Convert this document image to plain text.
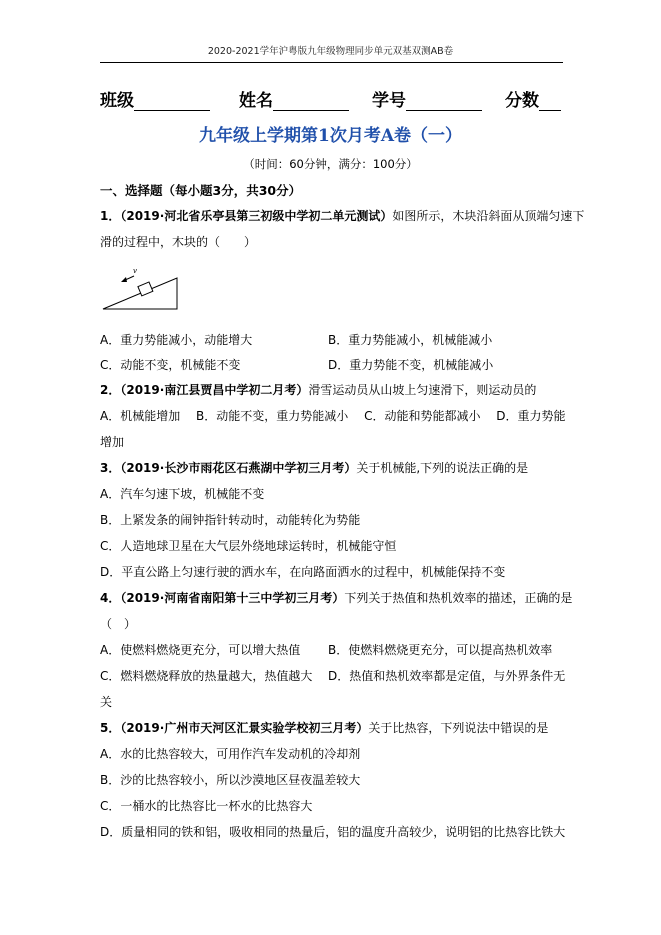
2020-2021学年沪粤版九年级物理同步单元双基双测AB卷
班级	姓名	学号	分数
九年级上学期第1次月考A卷（一）
（时间：60分钟，满分：100分）
一、选择题（每小题3分，共30分）
1．（2019·河北省乐亭县第三初级中学初二单元测试）如图所示，木块沿斜面从顶端匀速下
滑的过程中，木块的（　　）
v
A．重力势能减小，动能增大	B．重力势能减小，机械能减小
C．动能不变，机械能不变	D．重力势能不变，机械能减小
2．（2019·南江县贾昌中学初二月考）滑雪运动员从山坡上匀速滑下，则运动员的
A．机械能增加　 B．动能不变，重力势能减小　 C．动能和势能都减小　 D．重力势能
增加
3．（2019·长沙市雨花区石燕湖中学初三月考）关于机械能,下列的说法正确的是
A．汽车匀速下坡，机械能不变
B．上紧发条的闹钟指针转动时，动能转化为势能
C．人造地球卫星在大气层外绕地球运转时，机械能守恒
D．平直公路上匀速行驶的洒水车，在向路面洒水的过程中，机械能保持不变
4．（2019·河南省南阳第十三中学初三月考）下列关于热值和热机效率的描述，正确的是
（　）
A．使燃料燃烧更充分，可以增大热值 B．使燃料燃烧更充分，可以提高热机效率
C．燃料燃烧释放的热量越大，热值越大 D．热值和热机效率都是定值，与外界条件无
关
5．（2019·广州市天河区汇景实验学校初三月考）关于比热容，下列说法中错误的是
A．水的比热容较大，可用作汽车发动机的冷却剂
B．沙的比热容较小，所以沙漠地区昼夜温差较大
C．一桶水的比热容比一杯水的比热容大
D．质量相同的铁和铝，吸收相同的热量后，铝的温度升高较少，说明铝的比热容比铁大
